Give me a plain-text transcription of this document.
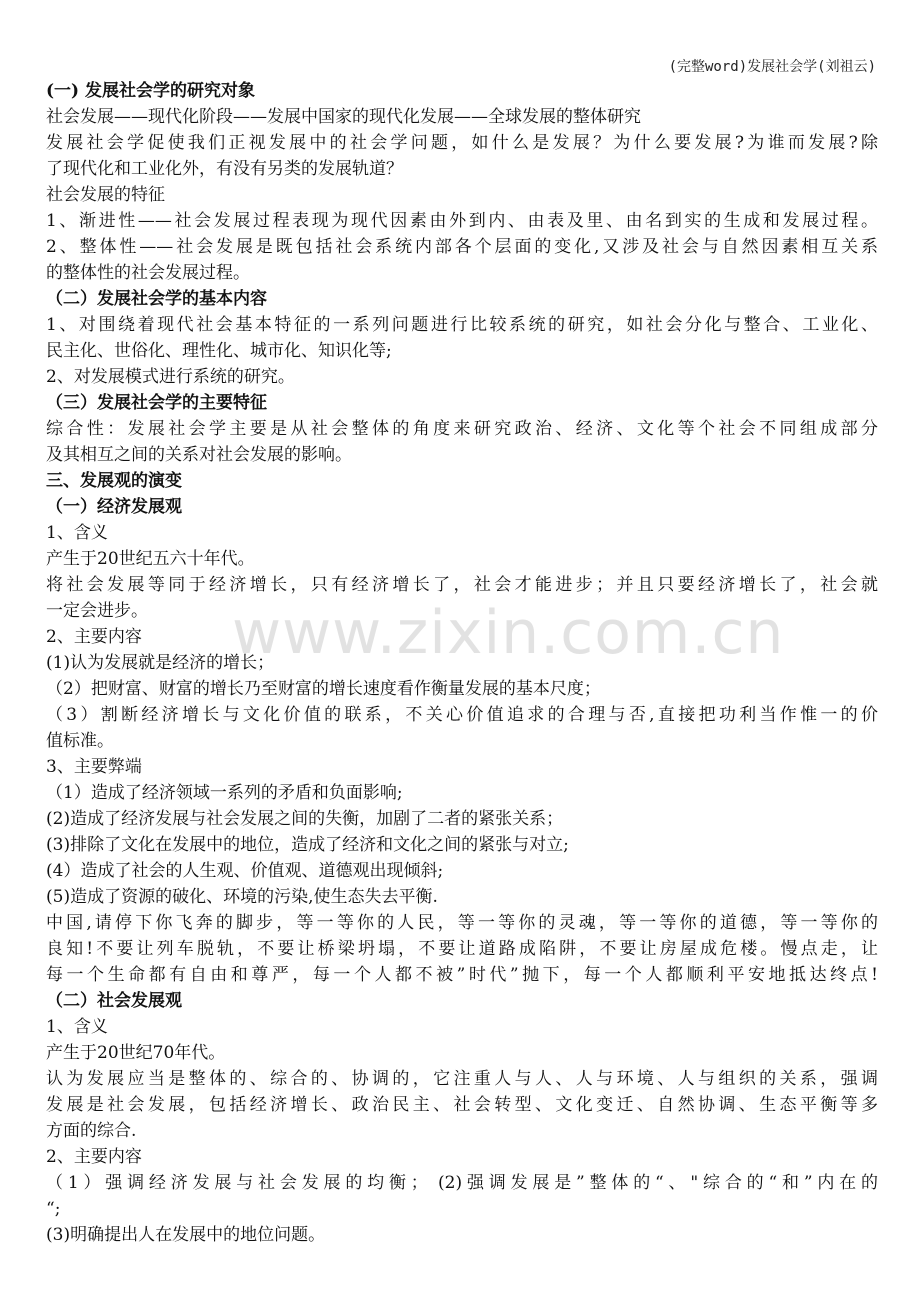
(完整word)发展社会学(刘祖云)
www.zixin.com.cn
(一) 发展社会学的研究对象
社会发展——现代化阶段——发展中国家的现代化发展——全球发展的整体研究
发展社会学促使我们正视发展中的社会学问题，如什么是发展？为什么要发展?为谁而发展?除
了现代化和工业化外，有没有另类的发展轨道？
社会发展的特征
1、渐进性——社会发展过程表现为现代因素由外到内、由表及里、由名到实的生成和发展过程。
2、整体性——社会发展是既包括社会系统内部各个层面的变化,又涉及社会与自然因素相互关系
的整体性的社会发展过程。
（二）发展社会学的基本内容
1、对围绕着现代社会基本特征的一系列问题进行比较系统的研究，如社会分化与整合、工业化、
民主化、世俗化、理性化、城市化、知识化等;
2、对发展模式进行系统的研究。
（三）发展社会学的主要特征
综合性：发展社会学主要是从社会整体的角度来研究政治、经济、文化等个社会不同组成部分
及其相互之间的关系对社会发展的影响。
三、发展观的演变
（一）经济发展观
1、含义
产生于20世纪五六十年代。
将社会发展等同于经济增长，只有经济增长了，社会才能进步；并且只要经济增长了，社会就
一定会进步。
2、主要内容
(1)认为发展就是经济的增长；
（2）把财富、财富的增长乃至财富的增长速度看作衡量发展的基本尺度；
（3）割断经济增长与文化价值的联系，不关心价值追求的合理与否,直接把功利当作惟一的价
值标准。
3、主要弊端
（1）造成了经济领域一系列的矛盾和负面影响;
(2)造成了经济发展与社会发展之间的失衡，加剧了二者的紧张关系；
(3)排除了文化在发展中的地位，造成了经济和文化之间的紧张与对立;
(4）造成了社会的人生观、价值观、道德观出现倾斜;
(5)造成了资源的破化、环境的污染,使生态失去平衡.
中国,请停下你飞奔的脚步，等一等你的人民，等一等你的灵魂，等一等你的道德，等一等你的
良知!不要让列车脱轨，不要让桥梁坍塌，不要让道路成陷阱，不要让房屋成危楼。慢点走，让
每一个生命都有自由和尊严，每一个人都不被”时代”抛下，每一个人都顺利平安地抵达终点!
（二）社会发展观
1、含义
产生于20世纪70年代。
认为发展应当是整体的、综合的、协调的，它注重人与人、人与环境、人与组织的关系，强调
发展是社会发展，包括经济增长、政治民主、社会转型、文化变迁、自然协调、生态平衡等多
方面的综合.
2、主要内容
（1）强调经济发展与社会发展的均衡； (2)强调发展是”整体的“、"综合的“和”内在的
“;
(3)明确提出人在发展中的地位问题。
